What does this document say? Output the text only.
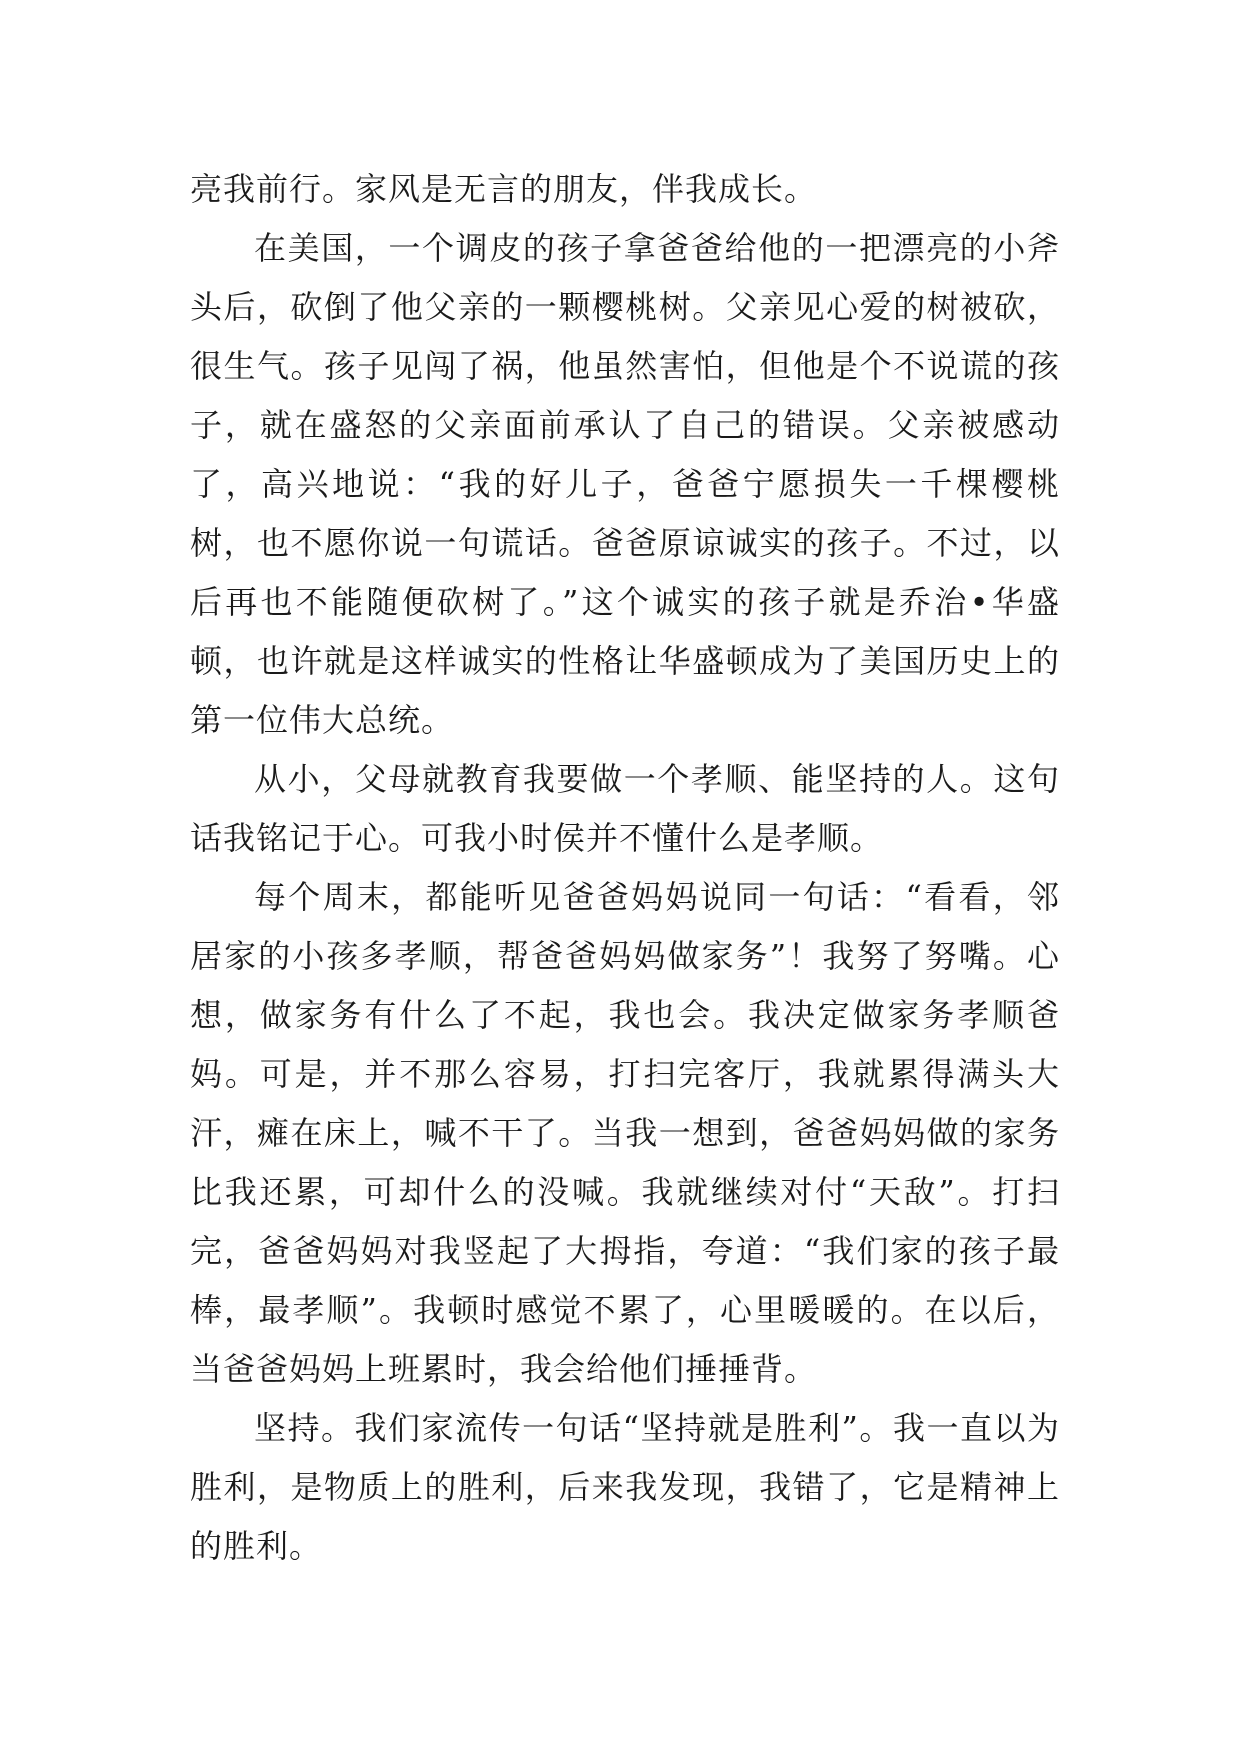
亮我前行。家风是无言的朋友，伴我成长。

在美国，一个调皮的孩子拿爸爸给他的一把漂亮的小斧头后，砍倒了他父亲的一颗樱桃树。父亲见心爱的树被砍，很生气。孩子见闯了祸，他虽然害怕，但他是个不说谎的孩子，就在盛怒的父亲面前承认了自己的错误。父亲被感动了，高兴地说：“我的好儿子，爸爸宁愿损失一千棵樱桃树，也不愿你说一句谎话。爸爸原谅诚实的孩子。不过，以后再也不能随便砍树了。”这个诚实的孩子就是乔治•华盛顿，也许就是这样诚实的性格让华盛顿成为了美国历史上的第一位伟大总统。

从小，父母就教育我要做一个孝顺、能坚持的人。这句话我铭记于心。可我小时侯并不懂什么是孝顺。

每个周末，都能听见爸爸妈妈说同一句话：“看看，邻居家的小孩多孝顺，帮爸爸妈妈做家务”！我努了努嘴。心想，做家务有什么了不起，我也会。我决定做家务孝顺爸妈。可是，并不那么容易，打扫完客厅，我就累得满头大汗，瘫在床上，喊不干了。当我一想到，爸爸妈妈做的家务比我还累，可却什么的没喊。我就继续对付“天敌”。打扫完，爸爸妈妈对我竖起了大拇指，夸道：“我们家的孩子最棒，最孝顺”。我顿时感觉不累了，心里暖暖的。在以后，当爸爸妈妈上班累时，我会给他们捶捶背。

坚持。我们家流传一句话“坚持就是胜利”。我一直以为胜利，是物质上的胜利，后来我发现，我错了，它是精神上的胜利。
